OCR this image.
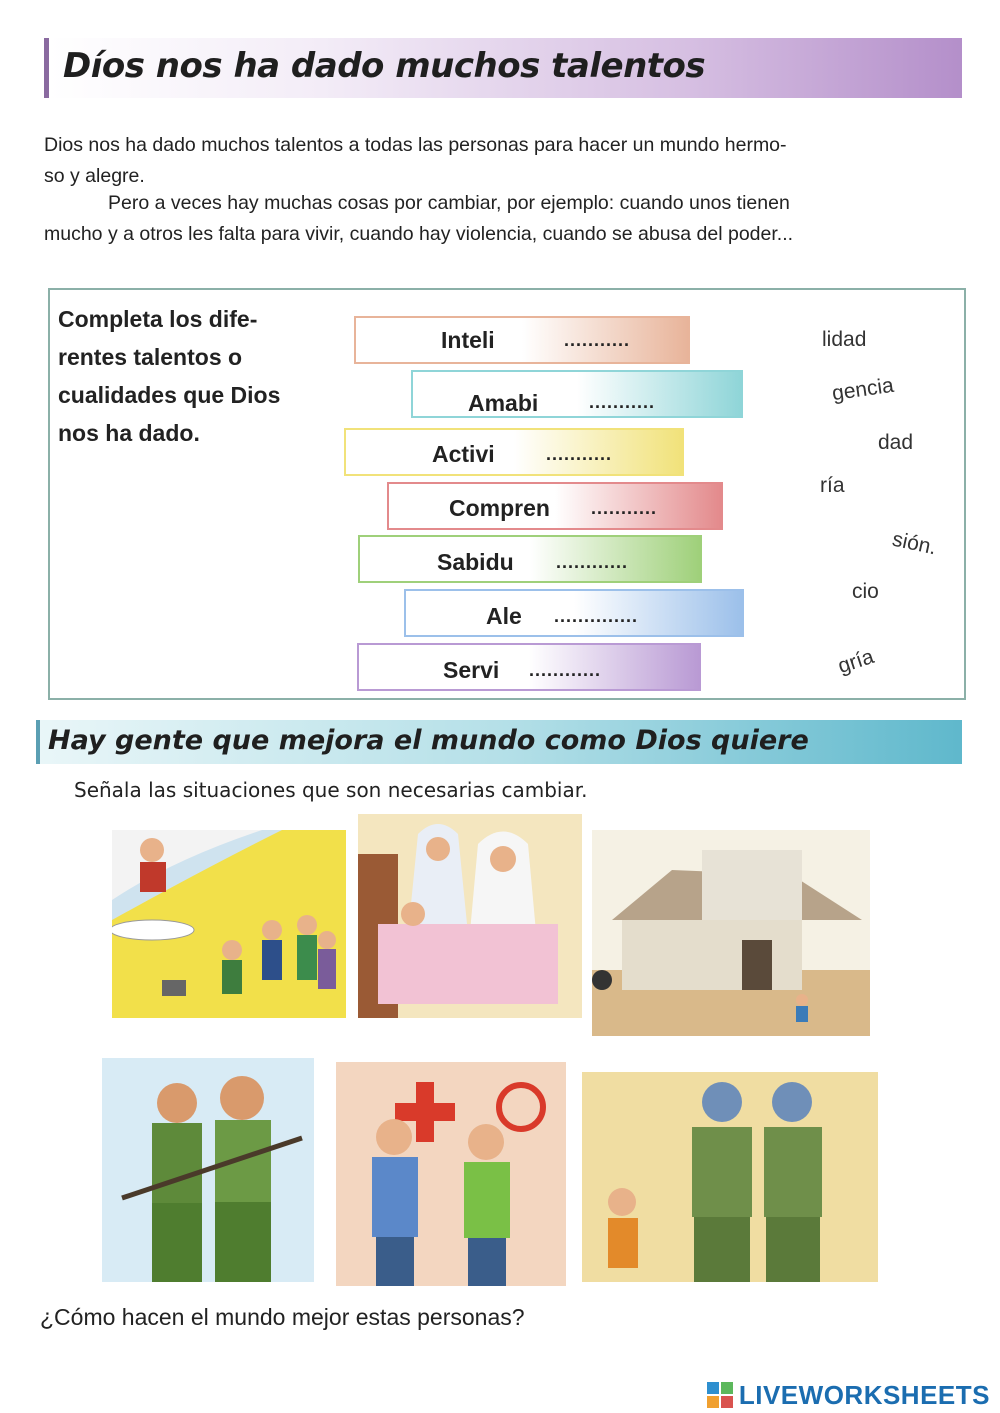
Díos nos ha dado muchos talentos
Dios nos ha dado muchos talentos a todas las personas para hacer un mundo hermo-
so y alegre.
Pero a veces hay muchas cosas por cambiar, por ejemplo: cuando unos tienen
mucho y a otros les falta para vivir, cuando hay violencia, cuando se abusa del poder...
Completa los dife-
rentes talentos o
cualidades que Dios
nos ha dado.
Inteli	...........
Amabi	...........
Activi	...........
Compren ...........
Sabidu ............
Ale ..............
Servi ............
lidad
gencia
dad
ría
sión.
cio
gría
Hay gente que mejora el mundo como Dios quiere
Señala las situaciones que son necesarias cambiar.
¿Cómo hacen el mundo mejor estas personas?
LIVEWORKSHEETS
